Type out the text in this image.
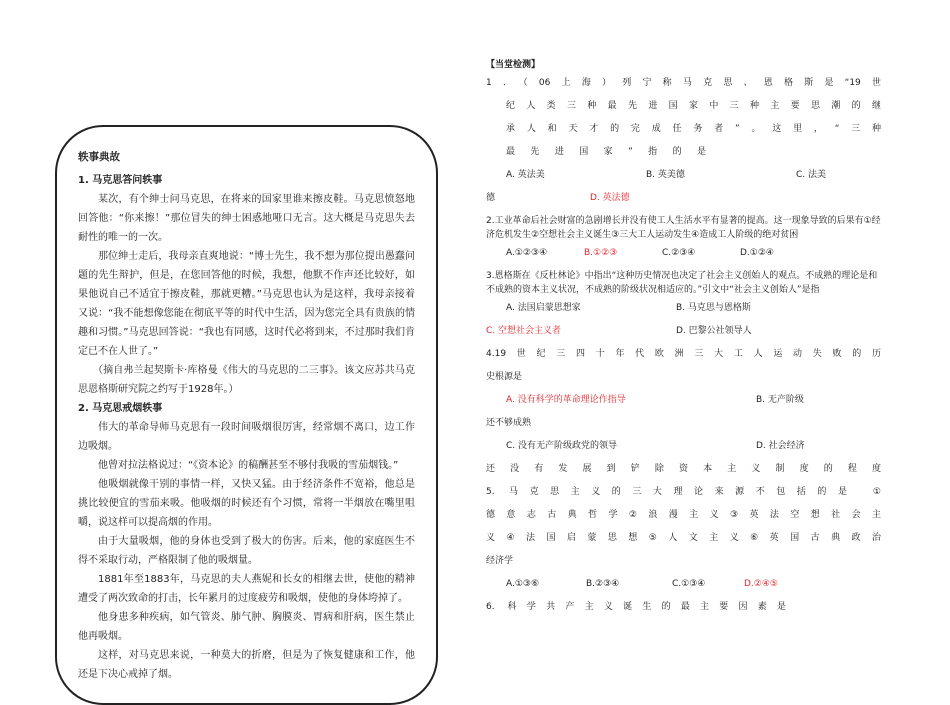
轶事典故
1. 马克思答问轶事

某次，有个绅士问马克思，在将来的国家里谁来擦皮鞋。马克思愤怒地回答他：“你来擦！”那位冒失的绅士困惑地哑口无言。这大概是马克思失去耐性的唯一的一次。

那位绅士走后，我母亲直爽地说：“博士先生，我不想为那位提出愚蠢问题的先生辩护，但是，在您回答他的时候，我想，他默不作声还比较好，如果他说自己不适宜于擦皮鞋，那就更糟。”马克思也认为是这样，我母亲接着又说：“我不能想像您能在彻底平等的时代中生活，因为您完全具有贵族的情趣和习惯。”马克思回答说：“我也有同感，这时代必将到来，不过那时我们肯定已不在人世了。”

（摘自弗兰起契斯卡·库格曼《伟大的马克思的二三事》。该文应苏共马克思恩格斯研究院之约写于1928年。）

2. 马克思戒烟轶事

伟大的革命导师马克思有一段时间吸烟很厉害，经常烟不离口，边工作边吸烟。

他曾对拉法格说过：“《资本论》的稿酬甚至不够付我吸的雪茄烟钱。”

他吸烟就像干别的事情一样，又快又猛。由于经济条件不宽裕，他总是挑比较便宜的雪茄来吸。他吸烟的时候还有个习惯，常将一半烟放在嘴里咀嚼，说这样可以提高烟的作用。

由于大量吸烟，他的身体也受到了极大的伤害。后来，他的家庭医生不得不采取行动，严格限制了他的吸烟量。

1881年至1883年，马克思的夫人燕妮和长女的相继去世，使他的精神遭受了两次致命的打击，长年累月的过度疲劳和吸烟，使他的身体垮掉了。

他身患多种疾病，如气管炎、肺气肿、胸膜炎、胃病和肝病，医生禁止他再吸烟。

这样，对马克思来说，一种莫大的折磨，但是为了恢复健康和工作，他还是下决心戒掉了烟。

【当堂检测】
1．（06上海）列宁称马克思、恩格斯是“19世
纪人类三种最先进国家中三种主要思潮的继
承人和天才的完成任务者”。这里，“三种
最先进国家”指的是
A. 英法美	B. 英美德	C. 法美
德	D. 英法德
2.工业革命后社会财富的急剧增长并没有使工人生活水平有显著的提高。这一现象导致的后果有①经济危机发生②空想社会主义诞生③三大工人运动发生④造成工人阶级的绝对贫困
A.①②③④	B.①②③	C.②③④	D.①②④
3.恩格斯在《反杜林论》中指出“这种历史情况也决定了社会主义创始人的观点。不成熟的理论是和不成熟的资本主义状况，不成熟的阶级状况相适应的。”引文中“社会主义创始人”是指
A. 法国启蒙思想家	B. 马克思与恩格斯
C. 空想社会主义者	D. 巴黎公社领导人
4.19世纪三四十年代欧洲三大工人运动失败的历
史根源是
A. 没有科学的革命理论作指导	B. 无产阶级
还不够成熟
C. 没有无产阶级政党的领导	D. 社会经济
还没有发展到铲除资本主义制度的程度
5. 马克思主义的三大理论来源不包括的是 ①
德意志古典哲学②浪漫主义③英法空想社会主
义④法国启蒙思想⑤人文主义⑥英国古典政治
经济学
A.①③⑥	B.②③④	C.①③④	D.②④⑤
6. 科学共产主义诞生的最主要因素是
